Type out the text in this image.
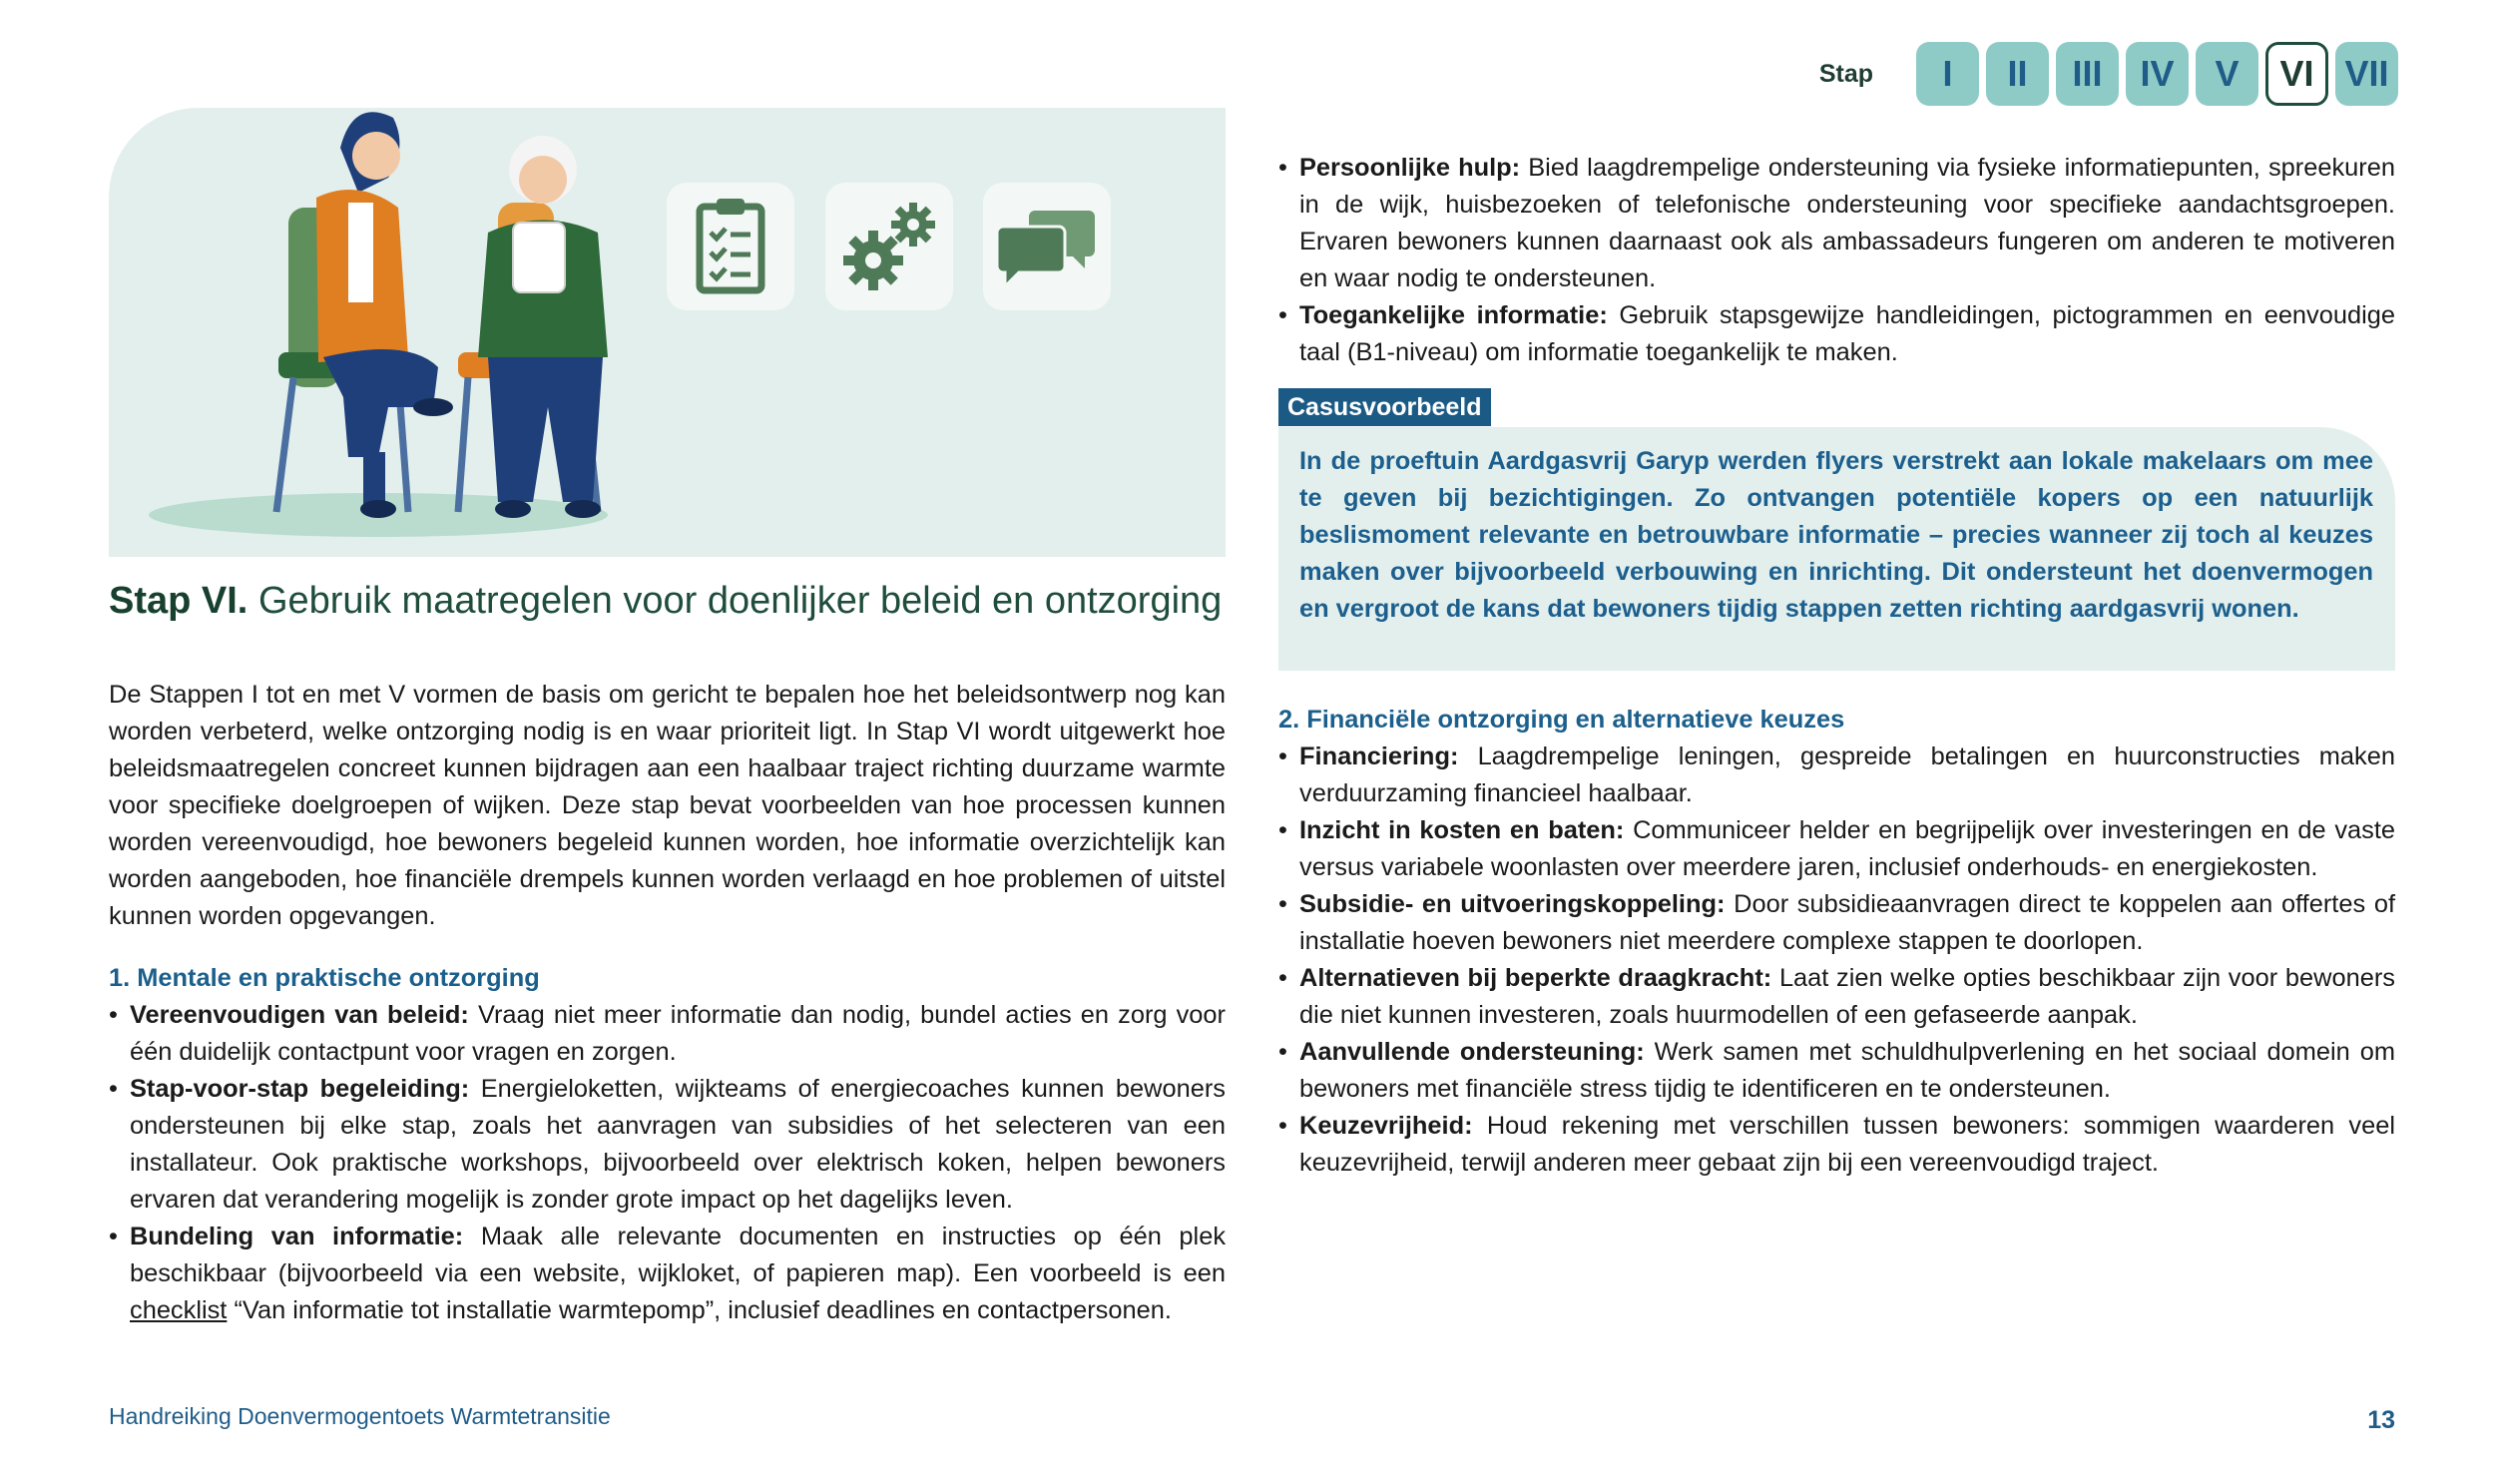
Stap	I	II	III	IV	V	VI VII
Stap VI. Gebruik maatregelen voor doenlijker beleid en ontzorging

De Stappen I tot en met V vormen de basis om gericht te bepalen hoe het beleidsontwerp nog kan worden verbeterd, welke ontzorging nodig is en waar prioriteit ligt. In Stap VI wordt uitgewerkt hoe beleidsmaatregelen concreet kunnen bijdragen aan een haalbaar traject richting duurzame warmte voor specifieke doelgroepen of wijken. Deze stap bevat voorbeelden van hoe processen kunnen worden vereenvoudigd, hoe bewoners begeleid kunnen worden, hoe informatie overzichtelijk kan worden aangeboden, hoe financiële drempels kunnen worden verlaagd en hoe problemen of uitstel kunnen worden opgevangen.

1. Mentale en praktische ontzorging

• Vereenvoudigen van beleid: Vraag niet meer informatie dan nodig, bundel acties en zorg voor één duidelijk contactpunt voor vragen en zorgen.
• Stap-voor-stap begeleiding: Energieloketten, wijkteams of energiecoaches kunnen bewoners ondersteunen bij elke stap, zoals het aanvragen van subsidies of het selecteren van een installateur. Ook praktische workshops, bijvoorbeeld over elektrisch koken, helpen bewoners ervaren dat verandering mogelijk is zonder grote impact op het dagelijks leven.
• Bundeling van informatie: Maak alle relevante documenten en instructies op één plek beschikbaar (bijvoorbeeld via een website, wijkloket, of papieren map). Een voorbeeld is een checklist “Van informatie tot installatie warmtepomp”, inclusief deadlines en contactpersonen.
• Persoonlijke hulp: Bied laagdrempelige ondersteuning via fysieke informatiepunten, spreekuren in de wijk, huisbezoeken of telefonische ondersteuning voor specifieke aandachtsgroepen. Ervaren bewoners kunnen daarnaast ook als ambassadeurs fungeren om anderen te motiveren en waar nodig te ondersteunen.
• Toegankelijke informatie: Gebruik stapsgewijze handleidingen, pictogrammen en eenvoudige taal (B1-niveau) om informatie toegankelijk te maken.
Casusvoorbeeld

In de proeftuin Aardgasvrij Garyp werden flyers verstrekt aan lokale makelaars om mee te geven bij bezichtigingen. Zo ontvangen potentiële kopers op een natuurlijk beslismoment relevante en betrouwbare informatie – precies wanneer zij toch al keuzes maken over bijvoorbeeld verbouwing en inrichting. Dit ondersteunt het doenvermogen en vergroot de kans dat bewoners tijdig stappen zetten richting aardgasvrij wonen.

2. Financiële ontzorging en alternatieve keuzes

• Financiering: Laagdrempelige leningen, gespreide betalingen en huurconstructies maken verduurzaming financieel haalbaar.
• Inzicht in kosten en baten: Communiceer helder en begrijpelijk over investeringen en de vaste versus variabele woonlasten over meerdere jaren, inclusief onderhouds- en energiekosten.
• Subsidie- en uitvoeringskoppeling: Door subsidieaanvragen direct te koppelen aan offertes of installatie hoeven bewoners niet meerdere complexe stappen te doorlopen.
• Alternatieven bij beperkte draagkracht: Laat zien welke opties beschikbaar zijn voor bewoners die niet kunnen investeren, zoals huurmodellen of een gefaseerde aanpak.
• Aanvullende ondersteuning: Werk samen met schuldhulpverlening en het sociaal domein om bewoners met financiële stress tijdig te identificeren en te ondersteunen.
• Keuzevrijheid: Houd rekening met verschillen tussen bewoners: sommigen waarderen veel keuzevrijheid, terwijl anderen meer gebaat zijn bij een vereenvoudigd traject.
Handreiking Doenvermogentoets Warmtetransitie	13
